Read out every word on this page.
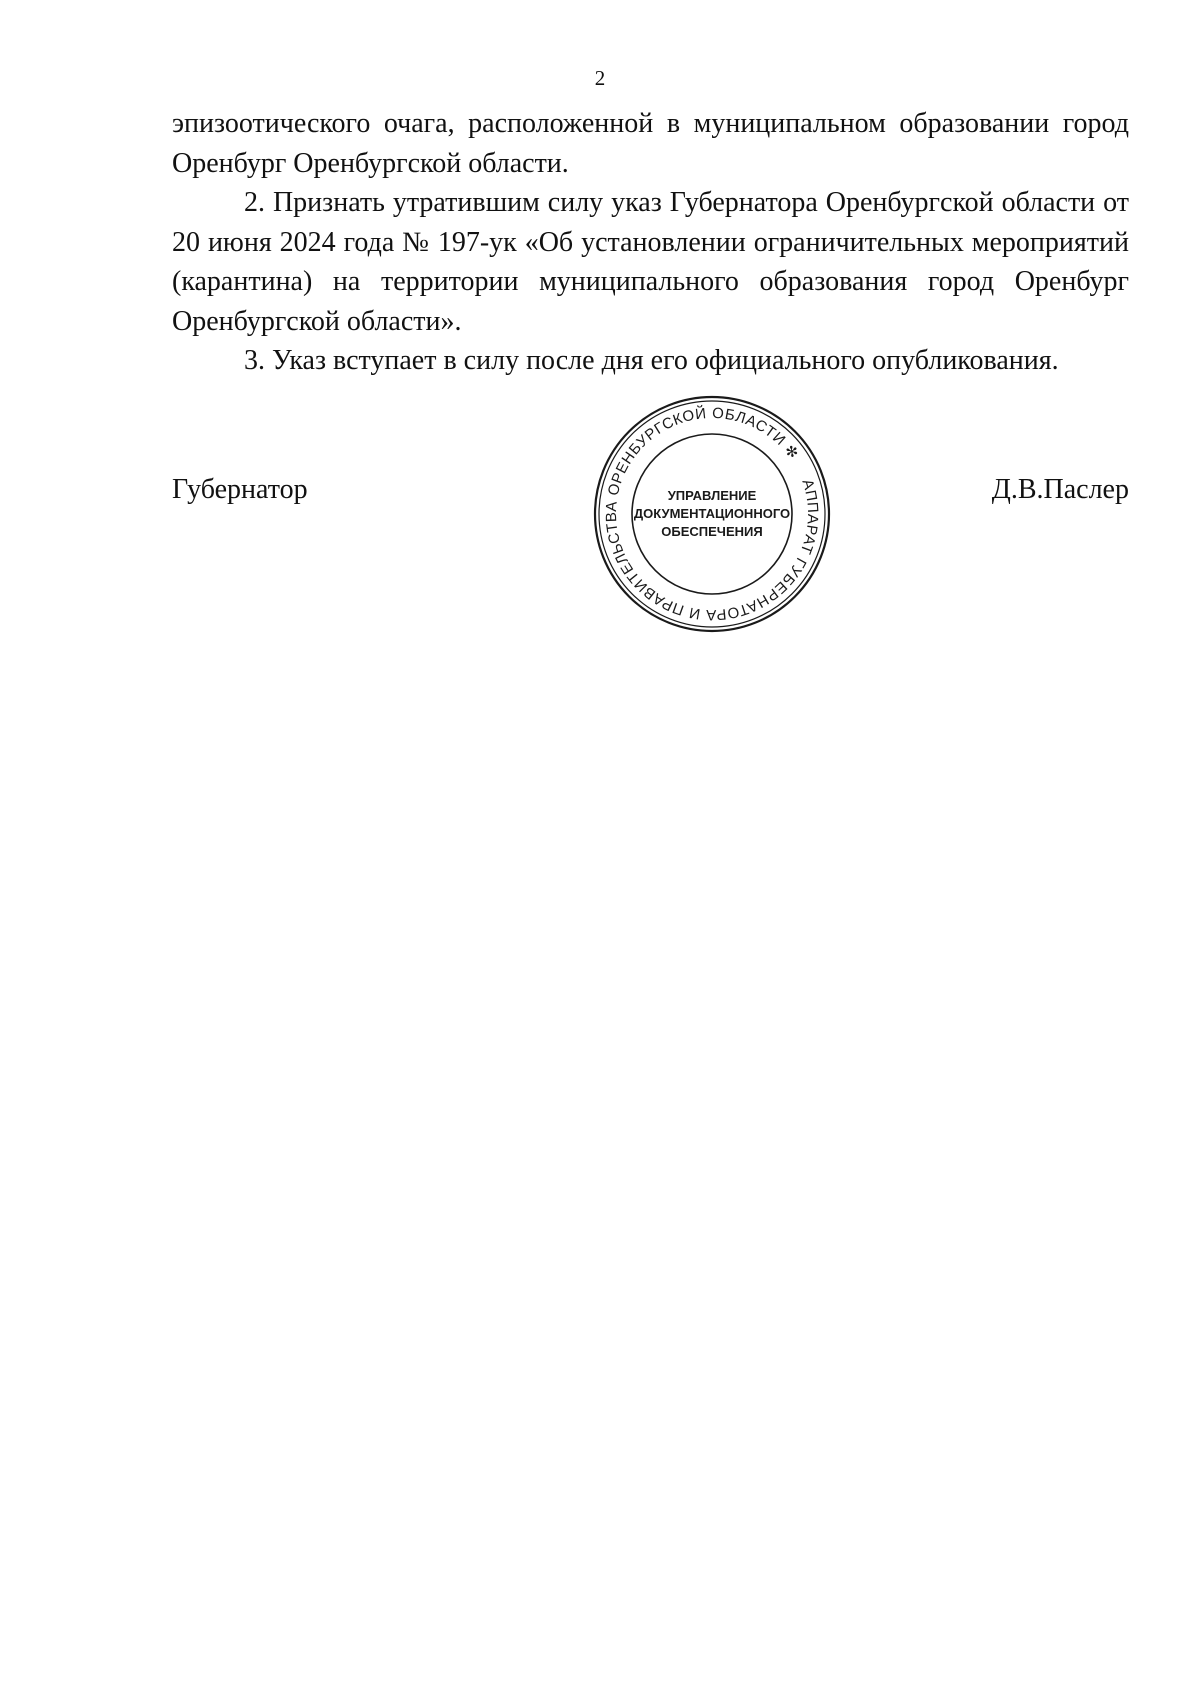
2

эпизоотического очага, расположенной в муниципальном образовании город Оренбург Оренбургской области.

2. Признать утратившим силу указ Губернатора Оренбургской области от 20 июня 2024 года № 197-ук «Об установлении ограничительных мероприятий (карантина) на территории муниципального образования город Оренбург Оренбургской области».

3. Указ вступает в силу после дня его официального опубликования.

Губернатор	Д.В.Паслер
АППАРАТ ГУБЕРНАТОРА И ПРАВИТЕЛЬСТВА ОРЕНБУРГСКОЙ ОБЛАСТИ ✻
УПРАВЛЕНИЕ
ДОКУМЕНТАЦИОННОГО
ОБЕСПЕЧЕНИЯ
